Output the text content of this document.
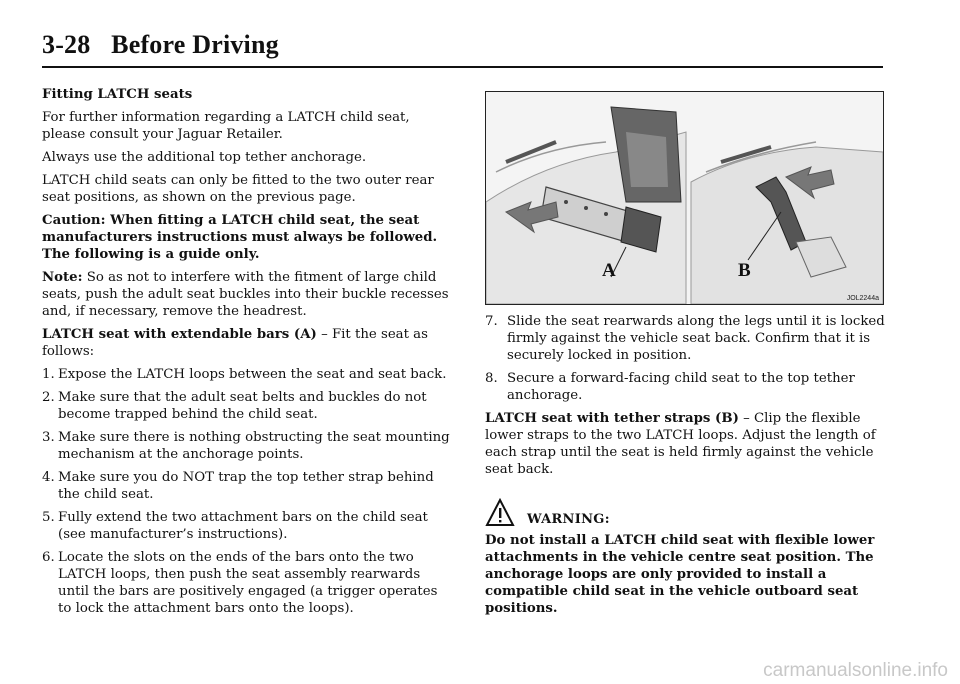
3-28 Before Driving

Fitting LATCH seats

For further information regarding a LATCH child seat, please consult your Jaguar Retailer.

Always use the additional top tether anchorage.

LATCH child seats can only be fitted to the two outer rear seat positions, as shown on the previous page.

Caution: When fitting a LATCH child seat, the seat manufacturers instructions must always be followed. The following is a guide only.

Note: So as not to interfere with the fitment of large child seats, push the adult seat buckles into their buckle recesses and, if necessary, remove the headrest.

LATCH seat with extendable bars (A) – Fit the seat as follows:

1. Expose the LATCH loops between the seat and seat back.
2. Make sure that the adult seat belts and buckles do not become trapped behind the child seat.
3. Make sure there is nothing obstructing the seat mounting mechanism at the anchorage points.
4. Make sure you do NOT trap the top tether strap behind the child seat.
5. Fully extend the two attachment bars on the child seat (see manufacturer’s instructions).
6. Locate the slots on the ends of the bars onto the two LATCH loops, then push the seat assembly rearwards until the bars are positively engaged (a trigger operates to lock the attachment bars onto the loops).
A	B
JOL2244a
7. Slide the seat rearwards along the legs until it is locked firmly against the vehicle seat back. Confirm that it is securely locked in position.
8. Secure a forward-facing child seat to the top tether anchorage.

LATCH seat with tether straps (B) – Clip the flexible lower straps to the two LATCH loops. Adjust the length of each strap until the seat is held firmly against the vehicle seat back.

WARNING:

Do not install a LATCH child seat with flexible lower attachments in the vehicle centre seat position. The anchorage loops are only provided to install a compatible child seat in the vehicle outboard seat positions.

carmanualsonline.info
